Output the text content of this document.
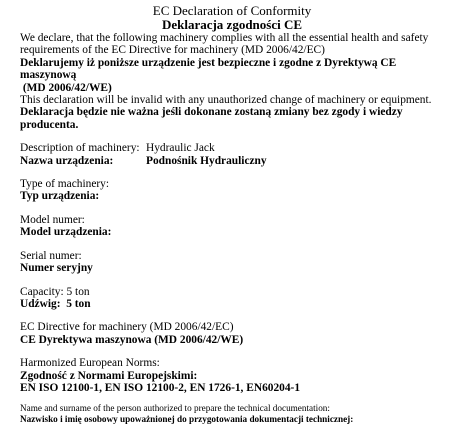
EC Declaration of Conformity
Deklaracja zgodności CE
We declare, that the following machinery complies with all the essential health and safety
requirements of the EC Directive for machinery (MD 2006/42/EC)
Deklarujemy iż poniższe urządzenie jest bezpieczne i zgodne z Dyrektywą CE maszynową
(MD 2006/42/WE)
This declaration will be invalid with any unauthorized change of machinery or equipment.
Deklaracja będzie nie ważna jeśli dokonane zostaną zmiany bez zgody i wiedzy producenta.
Description of machinery: Hydraulic Jack
Nazwa urządzenia:	Podnośnik Hydrauliczny
Type of machinery:
Typ urządzenia:
Model numer:
Model urządzenia:
Serial numer:
Numer seryjny
Capacity: 5 ton
Udźwig:  5 ton
EC Directive for machinery (MD 2006/42/EC)
CE Dyrektywa maszynowa (MD 2006/42/WE)
Harmonized European Norms:
Zgodność z Normami Europejskimi:
EN ISO 12100-1, EN ISO 12100-2, EN 1726-1, EN60204-1
Name and surname of the person authorized to prepare the technical documentation:
Nazwisko i imię osobowy upoważnionej do przygotowania dokumentacji technicznej:
